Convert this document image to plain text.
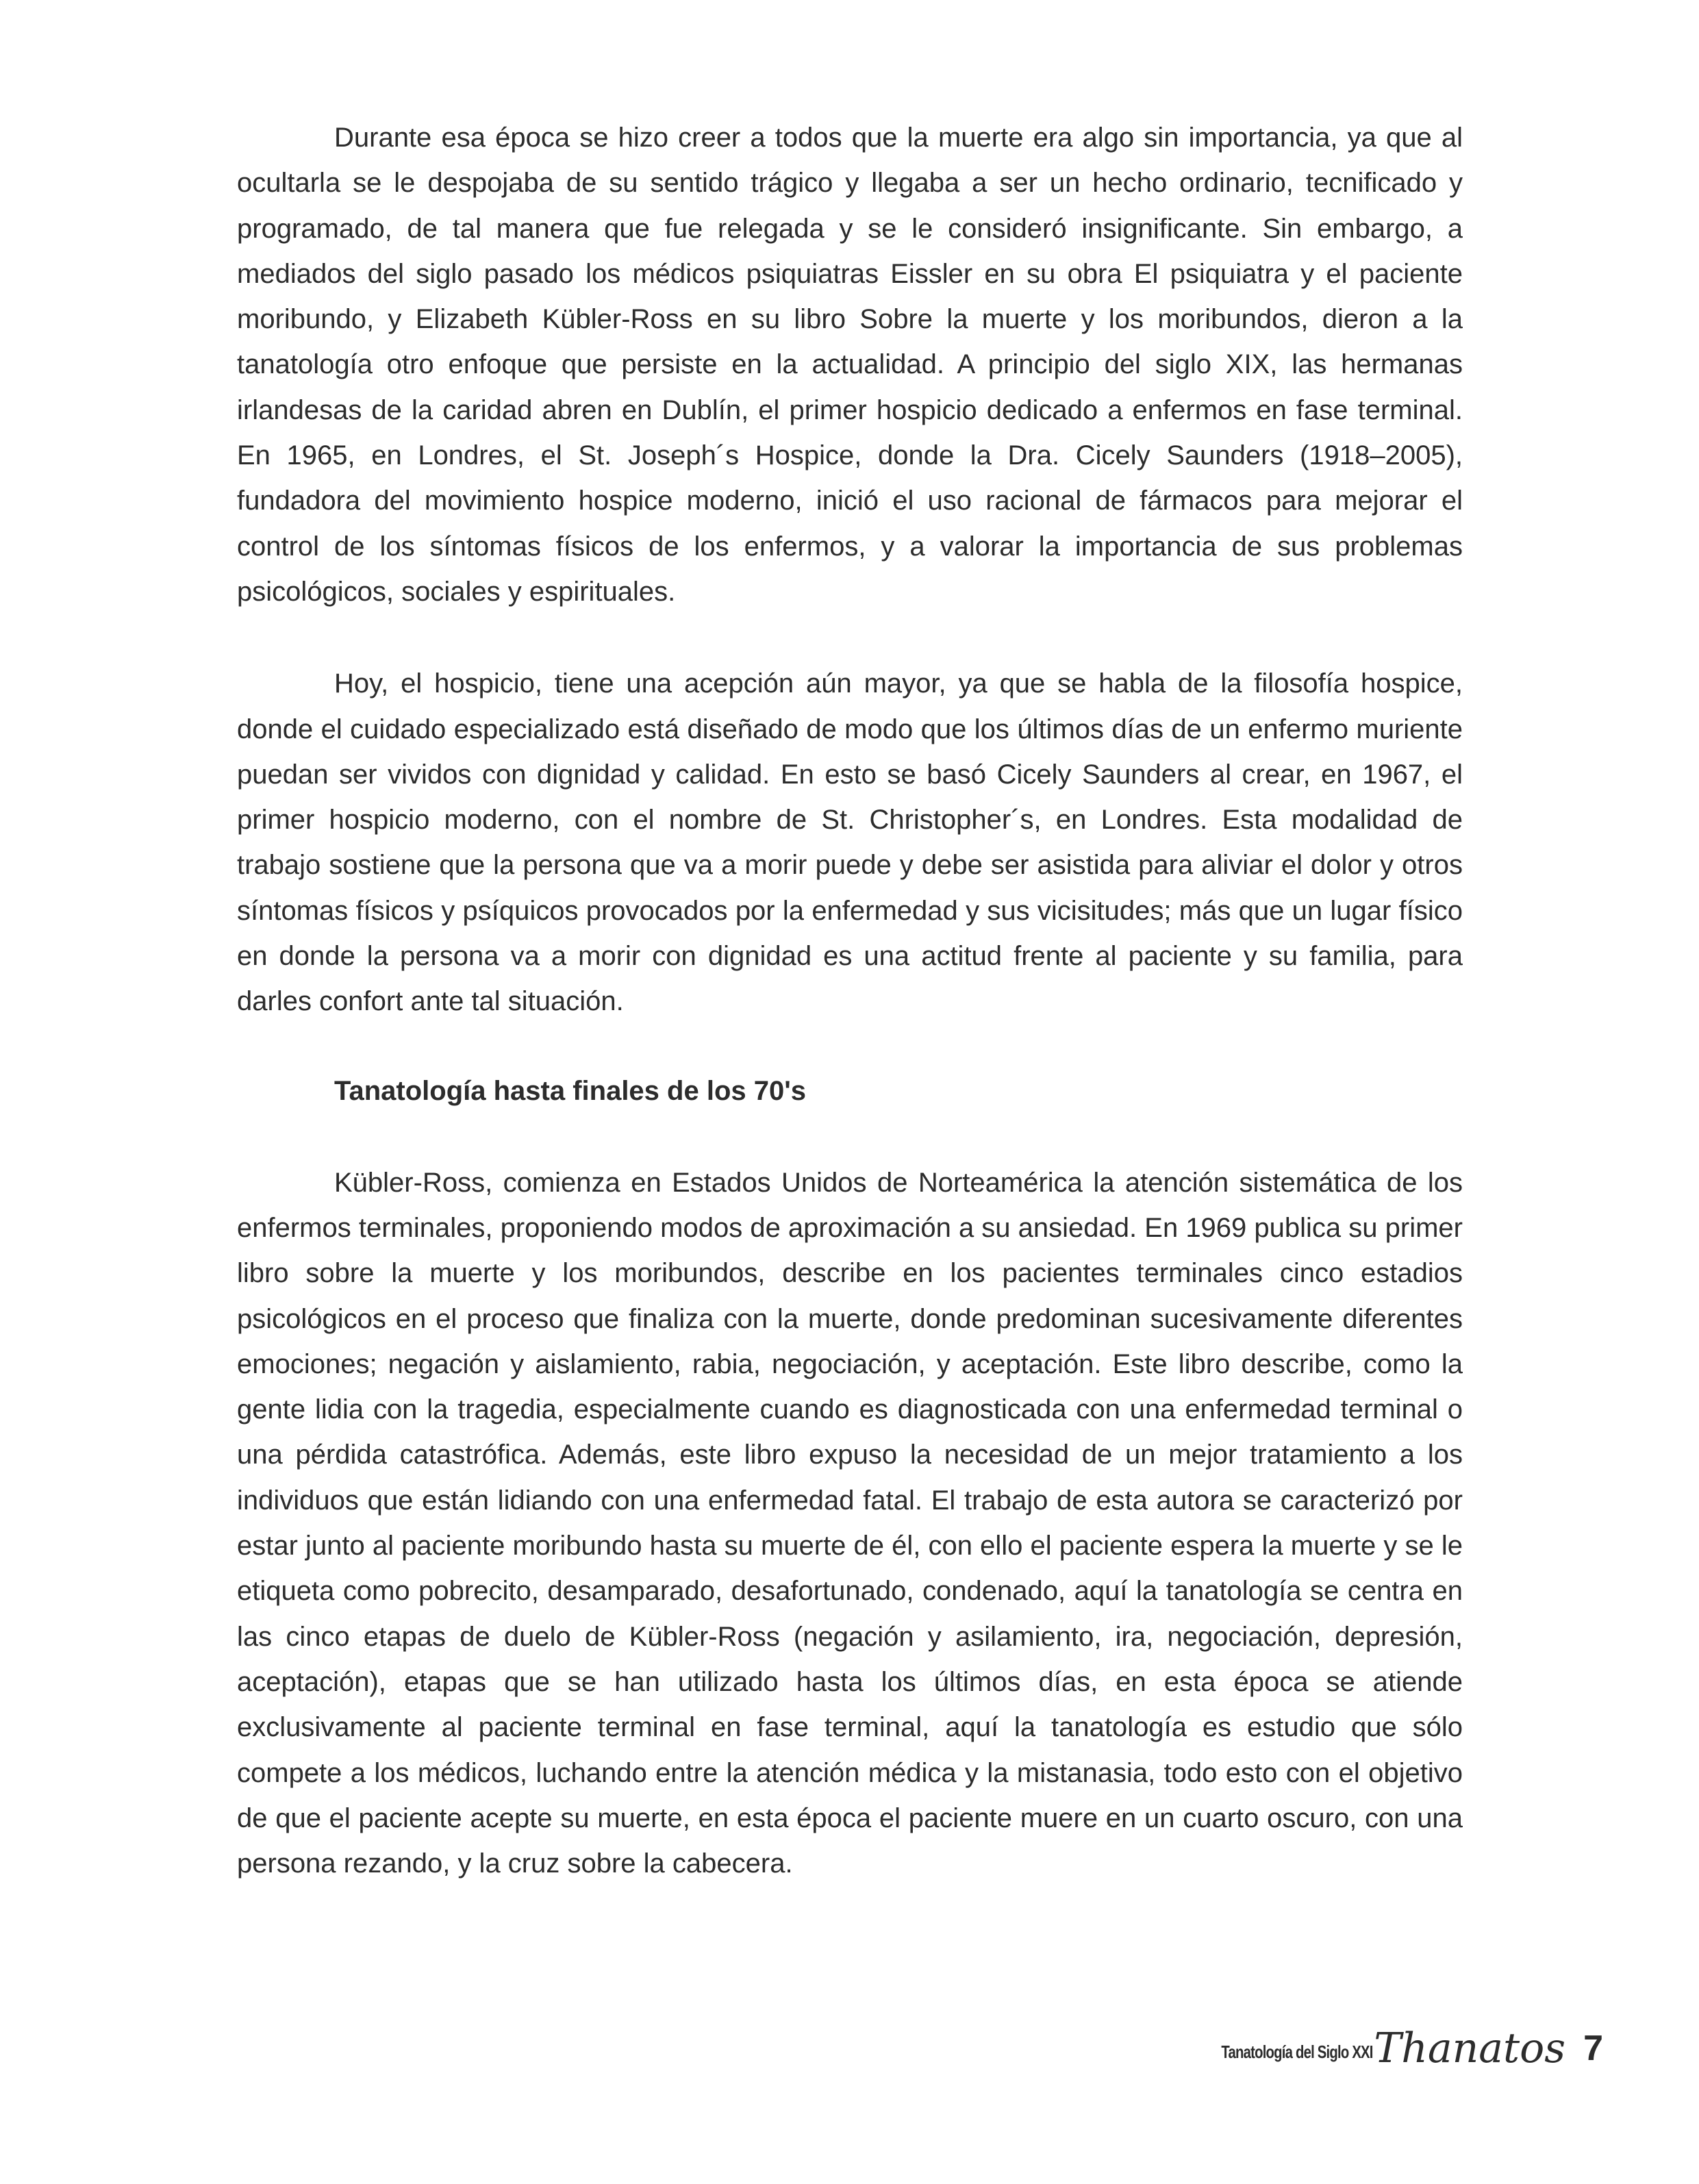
Durante esa época se hizo creer a todos que la muerte era algo sin importancia, ya que al ocultarla se le despojaba de su sentido trágico y llegaba a ser un hecho ordinario, tecnificado y programado, de tal manera que fue relegada y se le consideró insignificante. Sin embargo, a mediados del siglo pasado los médicos psiquiatras Eissler en su obra El psiquiatra y el paciente moribundo, y Elizabeth Kübler-Ross en su libro Sobre la muerte y los moribundos, dieron a la tanatología otro enfoque que persiste en la actualidad. A principio del siglo XIX, las hermanas irlandesas de la caridad abren en Dublín, el primer hospicio dedicado a enfermos en fase terminal. En 1965, en Londres, el St. Joseph´s Hospice, donde la Dra. Cicely Saunders (1918–2005), fundadora del movimiento hospice moderno, inició el uso racional de fármacos para mejorar el control de los síntomas físicos de los enfermos, y a valorar la importancia de sus problemas psicológicos, sociales y espirituales.

Hoy, el hospicio, tiene una acepción aún mayor, ya que se habla de la filosofía hospice, donde el cuidado especializado está diseñado de modo que los últimos días de un enfermo muriente puedan ser vividos con dignidad y calidad. En esto se basó Cicely Saunders al crear, en 1967, el primer hospicio moderno, con el nombre de St. Christopher´s, en Londres. Esta modalidad de trabajo sostiene que la persona que va a morir puede y debe ser asistida para aliviar el dolor y otros síntomas físicos y psíquicos provocados por la enfermedad y sus vicisitudes; más que un lugar físico en donde la persona va a morir con dignidad es una actitud frente al paciente y su familia, para darles confort ante tal situación.

Tanatología hasta finales de los 70's

Kübler-Ross, comienza en Estados Unidos de Norteamérica la atención sistemática de los enfermos terminales, proponiendo modos de aproximación a su ansiedad. En 1969 publica su primer libro sobre la muerte y los moribundos, describe en los pacientes terminales cinco estadios psicológicos en el proceso que finaliza con la muerte, donde predominan sucesivamente diferentes emociones; negación y aislamiento, rabia, negociación, y aceptación. Este libro describe, como la gente lidia con la tragedia, especialmente cuando es diagnosticada con una enfermedad terminal o una pérdida catastrófica. Además, este libro expuso la necesidad de un mejor tratamiento a los individuos que están lidiando con una enfermedad fatal. El trabajo de esta autora se caracterizó por estar junto al paciente moribundo hasta su muerte de él, con ello el paciente espera la muerte y se le etiqueta como pobrecito, desamparado, desafortunado, condenado, aquí la tanatología se centra en las cinco etapas de duelo de Kübler-Ross (negación y asilamiento, ira, negociación, depresión, aceptación), etapas que se han utilizado hasta los últimos días, en esta época se atiende exclusivamente al paciente terminal en fase terminal, aquí la tanatología es estudio que sólo compete a los médicos, luchando entre la atención médica y la mistanasia, todo esto con el objetivo de que el paciente acepte su muerte, en esta época el paciente muere en un cuarto oscuro, con una persona rezando, y la cruz sobre la cabecera.

Tanatología del Siglo XXI Thanatos 7
